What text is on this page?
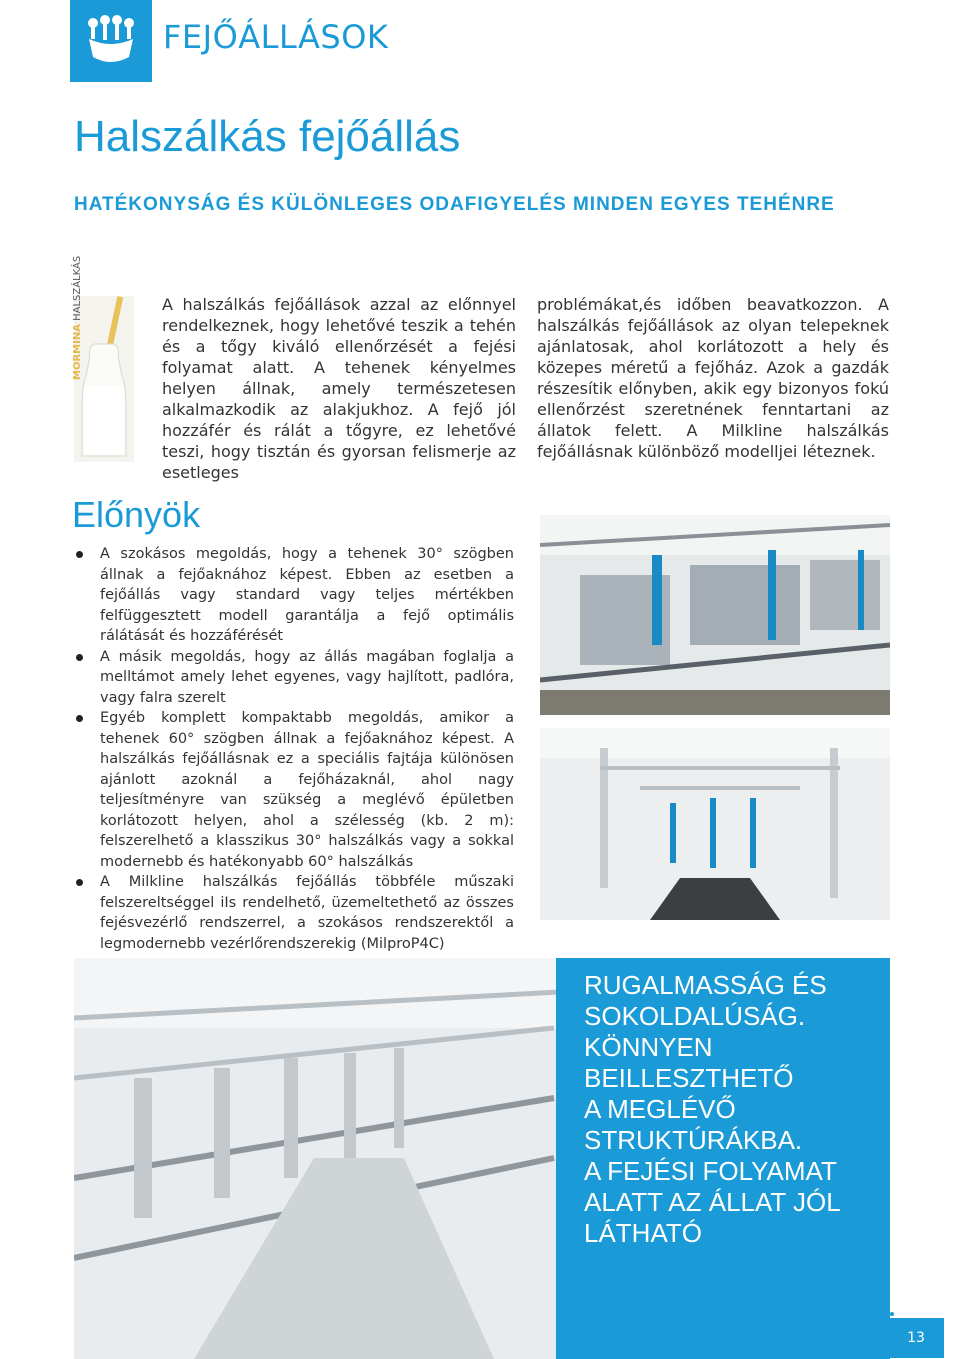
FEJŐÁLLÁSOK
Halszálkás fejőállás
HATÉKONYSÁG ÉS KÜLÖNLEGES ODAFIGYELÉS MINDEN EGYES TEHÉNRE
MORMINA HALSZÁLKÁS	A halszálkás fejőállások azzal az előnnyel rendelkeznek, hogy lehetővé teszik a tehén és a tőgy kiváló ellenőrzését a fejési folyamat alatt. A tehenek kényelmes helyen állnak, amely természetesen alkalmazkodik az alakjukhoz. A fejő jól hozzáfér és rálát a tőgyre, ez lehetővé teszi, hogy tisztán és gyorsan felismerje az esetleges
problémákat,és időben beavatkozzon. A halszálkás fejőállások az olyan telepeknek ajánlatosak, ahol korlátozott a hely és közepes méretű a fejőház. Azok a gazdák részesítik előnyben, akik egy bizonyos fokú ellenőrzést szeretnének fenntartani az állatok felett. A Milkline halszálkás fejőállásnak különböző modelljei léteznek.
Előnyök
A szokásos megoldás, hogy a tehenek 30° szögben állnak a fejőaknához képest. Ebben az esetben a fejőállás vagy standard vagy teljes mértékben felfüggesztett modell garantálja a fejő optimális rálátását és hozzáférését
A másik megoldás, hogy az állás magában foglalja a melltámot amely lehet egyenes, vagy hajlított, padlóra, vagy falra szerelt
Egyéb komplett kompaktabb megoldás, amikor a tehenek 60° szögben állnak a fejőaknához képest. A halszálkás fejőállásnak ez a speciális fajtája különösen ajánlott azoknál a fejőházaknál, ahol nagy teljesítményre van szükség a meglévő épületben korlátozott helyen, ahol a szélesség (kb. 2 m): felszerelhető a klasszikus 30° halszálkás vagy a sokkal modernebb és hatékonyabb 60° halszálkás
A Milkline halszálkás fejőállás többféle műszaki felszereltséggel iIs rendelhető, üzemeltethető az összes fejésvezérlő rendszerrel, a szokásos rendszerektől a legmodernebb vezérlőrendszerekig (MilproP4C)
RUGALMASSÁG ÉS
SOKOLDALÚSÁG.
KÖNNYEN
BEILLESZTHETŐ
A MEGLÉVŐ
STRUKTÚRÁKBA.
A FEJÉSI FOLYAMAT
ALATT AZ ÁLLAT JÓL
LÁTHATÓ
13
